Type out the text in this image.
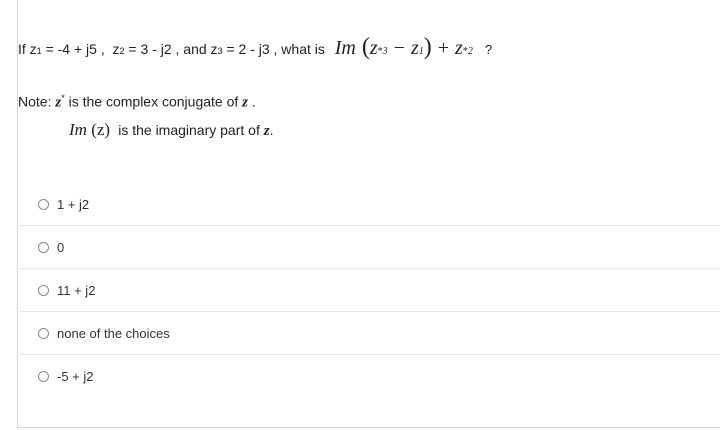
If z 1 = -4 + j5 ,  z 2 = 3 - j2 , and z 3 = 2 - j3 , what is Im ( z * 3 − z 1 ) + z * 2 ?
Note: z* is the complex conjugate of z .
Im (z) is the imaginary part of z .
1 + j2
0
11 + j2
none of the choices
-5 + j2
